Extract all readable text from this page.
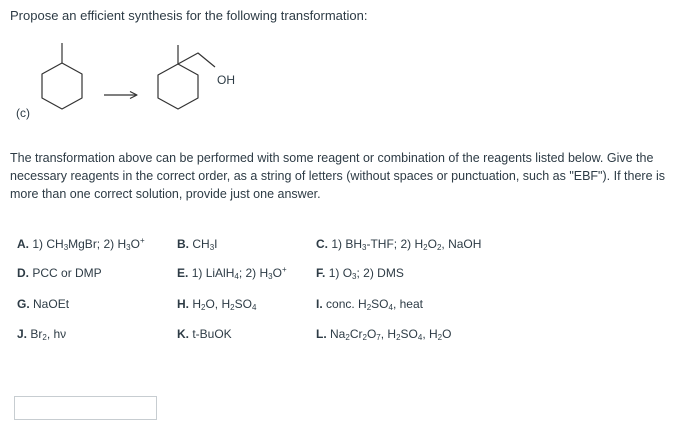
Propose an efficient synthesis for the following transformation:
OH
(c)
The transformation above can be performed with some reagent or combination of the reagents listed below. Give the necessary reagents in the correct order, as a string of letters (without spaces or punctuation, such as "EBF"). If there is more than one correct solution, provide just one answer.
A. 1) $CH_3MgBr$; 2) $H_3O^+$	B. $CH_3I$	C. 1) $BH_3$-THF; 2) $H_2O_2$, NaOH
D. PCC or DMP	E. 1) LiAlH$_4$; 2) $H_3O^+$ F. 1) $O_3$; 2) DMS
G. NaOEt	H. $H_2O$, $H_2SO_4$	I. conc. $H_2SO_4$, heat
J. $Br_2$, hν	K. t-BuOK	L. $Na_2Cr_2O_7$, $H_2SO_4$, $H_2O$
